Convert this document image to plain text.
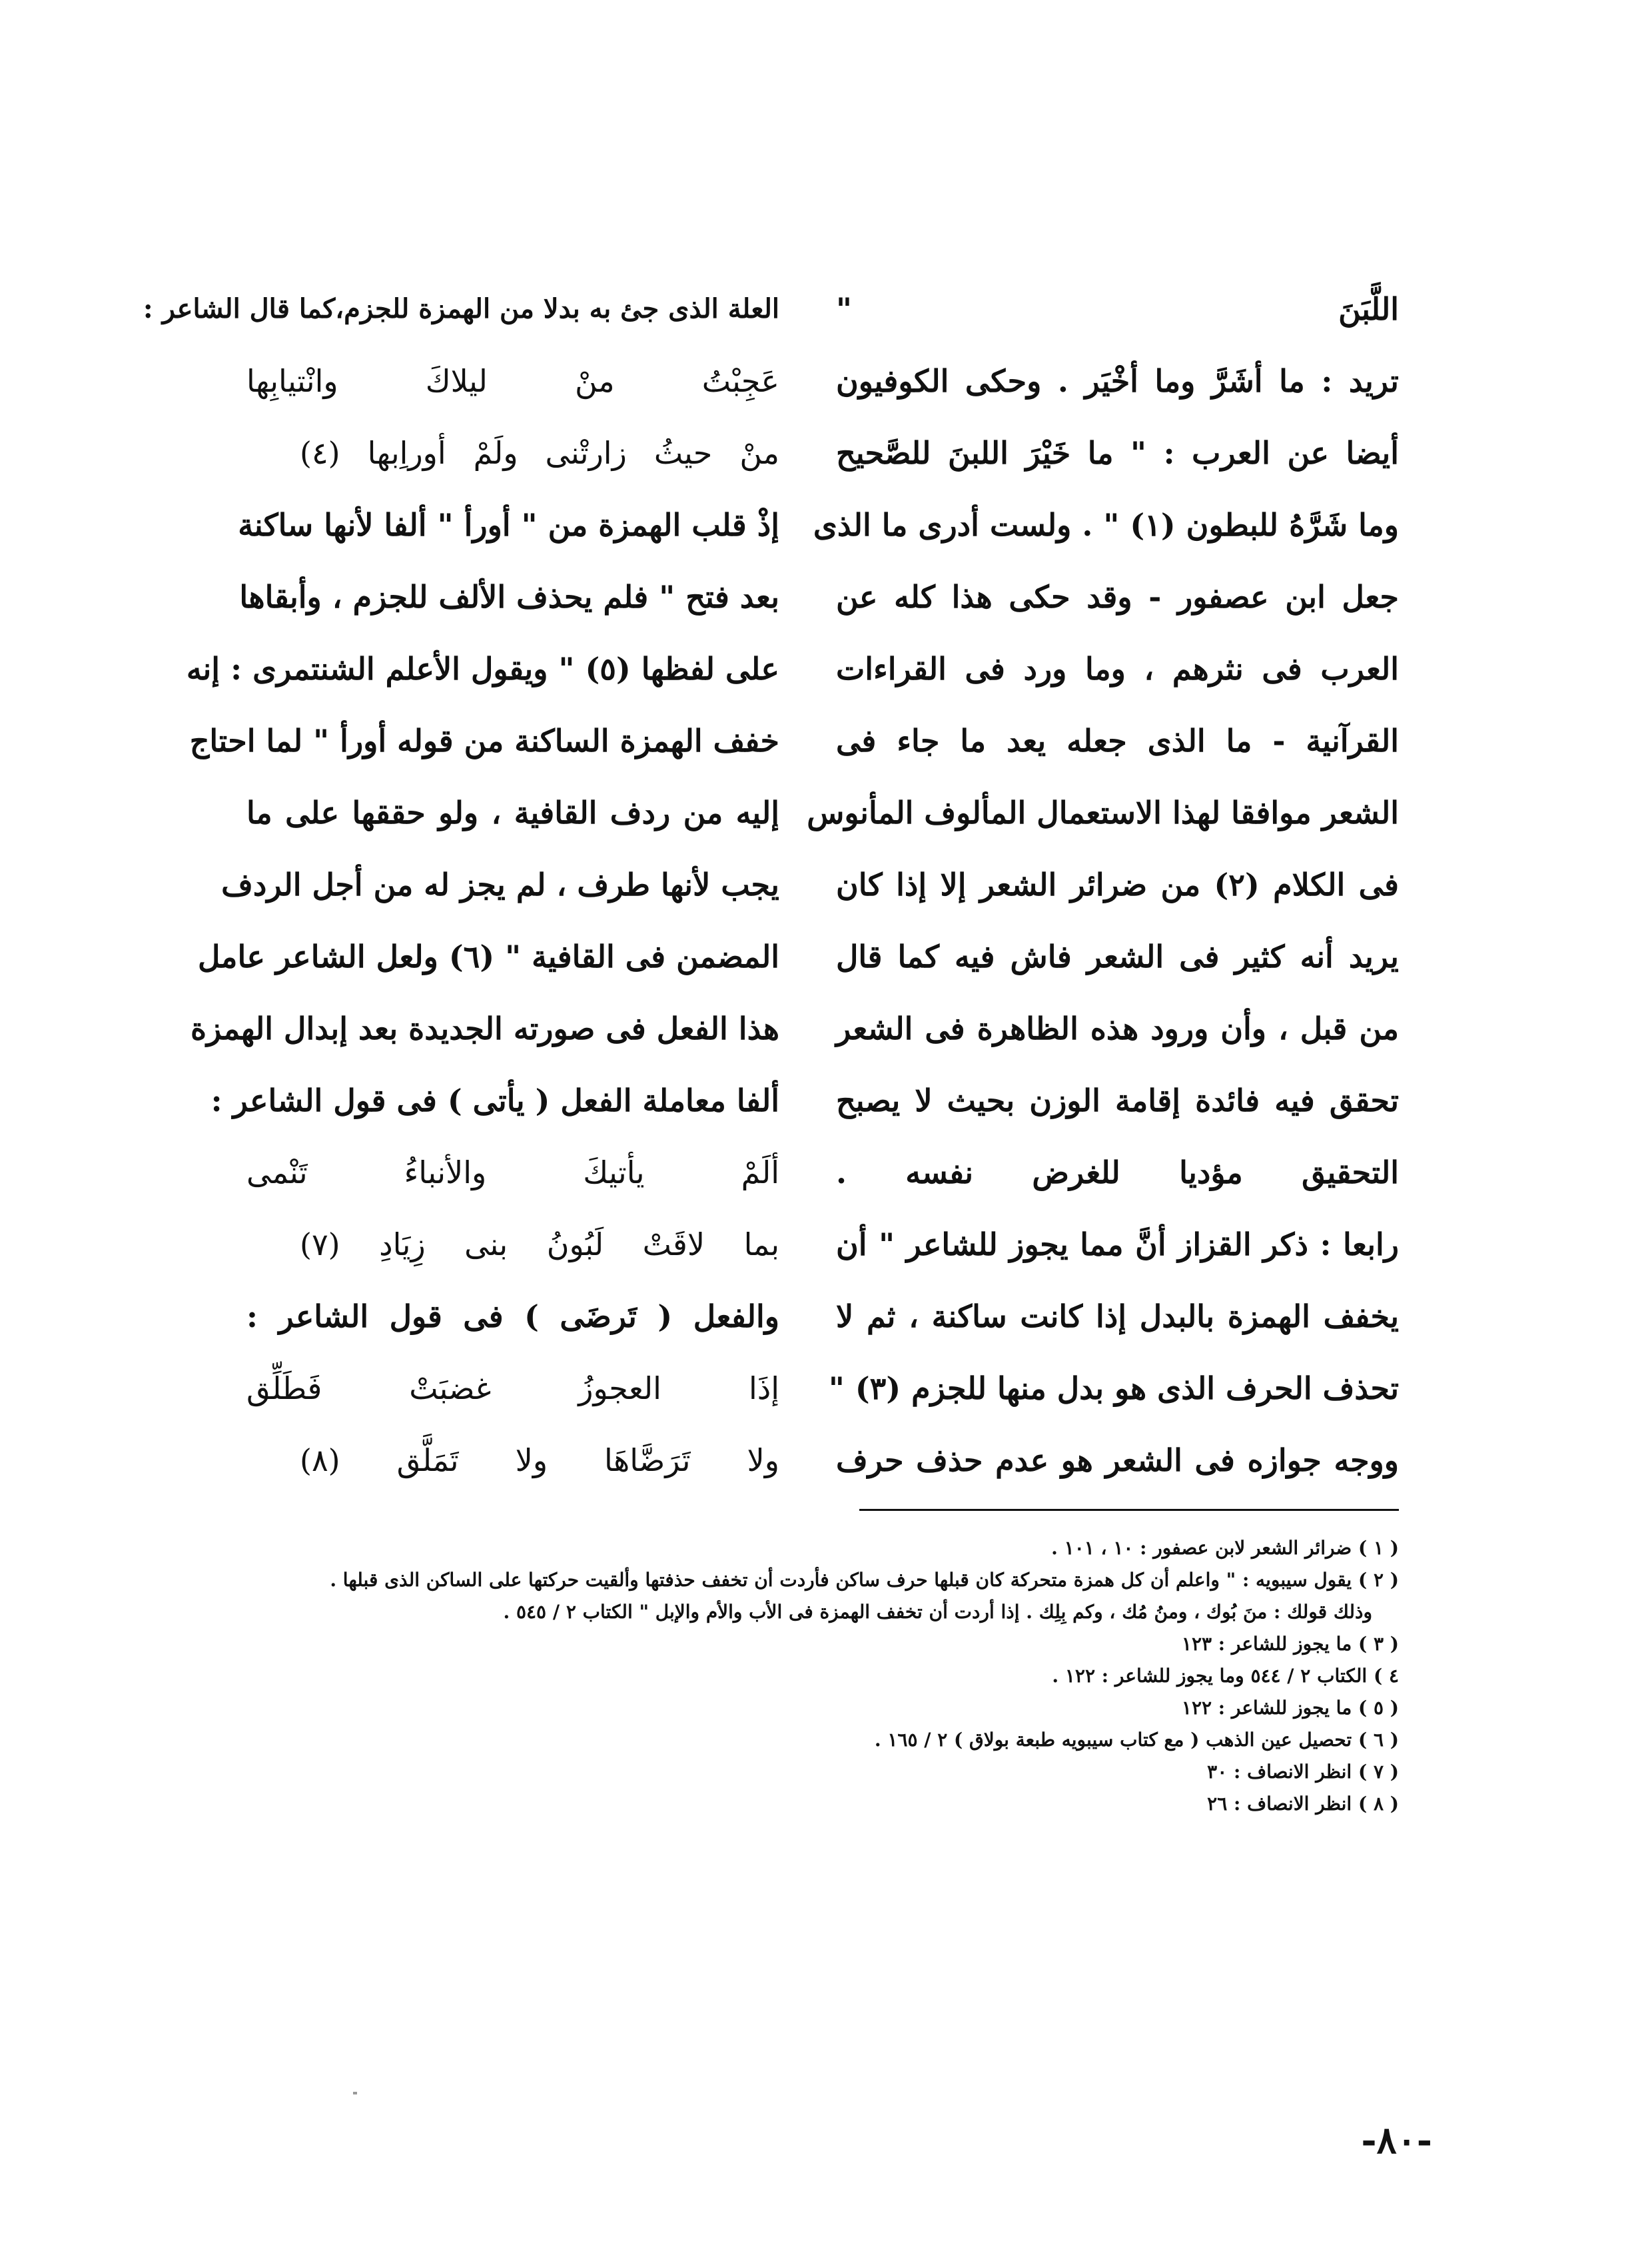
اللَّبَنَ "
تريد : ما أشَرَّ وما أخْيَر . وحكى الكوفيون
أيضا عن العرب : " ما خَيْرَ اللبنَ للصَّحيح
وما شَرَّهُ للبطون (١) " . ولست أدرى ما الذى
جعل ابن عصفور - وقد حكى هذا كله عن
العرب فى نثرهم ، وما ورد فى القراءات
القرآنية - ما الذى جعله يعد ما جاء فى
الشعر موافقا لهذا الاستعمال المألوف المأنوس
فى الكلام (٢) من ضرائر الشعر إلا إذا كان
يريد أنه كثير فى الشعر فاش فيه كما قال
من قبل ، وأن ورود هذه الظاهرة فى الشعر
تحقق فيه فائدة إقامة الوزن بحيث لا يصبح
التحقيق مؤديا للغرض نفسه .
رابعا : ذكر القزاز أنَّ مما يجوز للشاعر " أن
يخفف الهمزة بالبدل إذا كانت ساكنة ، ثم لا
تحذف الحرف الذى هو بدل منها للجزم (٣) "
ووجه جوازه فى الشعر هو عدم حذف حرف
العلة الذى جئ به بدلا من الهمزة للجزم،كما قال الشاعر :
عَجِبْتُ منْ ليلاكَ وانْتيابِها
منْ حيثُ زارتْنى ولَمْ أوراِبها (٤)
إذْ قلب الهمزة من " أورأ " ألفا لأنها ساكنة
بعد فتح " فلم يحذف الألف للجزم ، وأبقاها
على لفظها (٥) " ويقول الأعلم الشنتمرى : إنه
خفف الهمزة الساكنة من قوله أورأ " لما احتاج
إليه من ردف القافية ، ولو حققها على ما
يجب لأنها طرف ، لم يجز له من أجل الردف
المضمن فى القافية " (٦) ولعل الشاعر عامل
هذا الفعل فى صورته الجديدة بعد إبدال الهمزة
ألفا معاملة الفعل ( يأتى ) فى قول الشاعر :
ألَمْ يأتيكَ والأنباءُ تَنْمى
بما لاقَتْ لَبُونُ بنى زِيَادِ (٧)
والفعل ( تَرضَى ) فى قول الشاعر :
إذَا العجوزُ غضبَتْ فَطَلِّق
ولا تَرَضَّاهَا ولا تَمَلَّق (٨)
( ١ ) ضرائر الشعر لابن عصفور : ١٠ ، ١٠١ .
( ٢ ) يقول سيبويه : " واعلم أن كل همزة متحركة كان قبلها حرف ساكن فأردت أن تخفف حذفتها وألقيت حركتها على الساكن الذى قبلها .
وذلك قولك : منَ بُوك ، ومنُ مُك ، وكم بِلِك . إذا أردت أن تخفف الهمزة فى الأب والأم والإبل " الكتاب ٢ / ٥٤٥ .
( ٣ ) ما يجوز للشاعر : ١٢٣
٤ ) الكتاب ٢ / ٥٤٤ وما يجوز للشاعر : ١٢٢ .
( ٥ ) ما يجوز للشاعر : ١٢٢
( ٦ ) تحصيل عين الذهب ( مع كتاب سيبويه طبعة بولاق ) ٢ / ١٦٥ .
( ٧ ) انظر الانصاف : ٣٠
( ٨ ) انظر الانصاف : ٢٦
-٨٠-
